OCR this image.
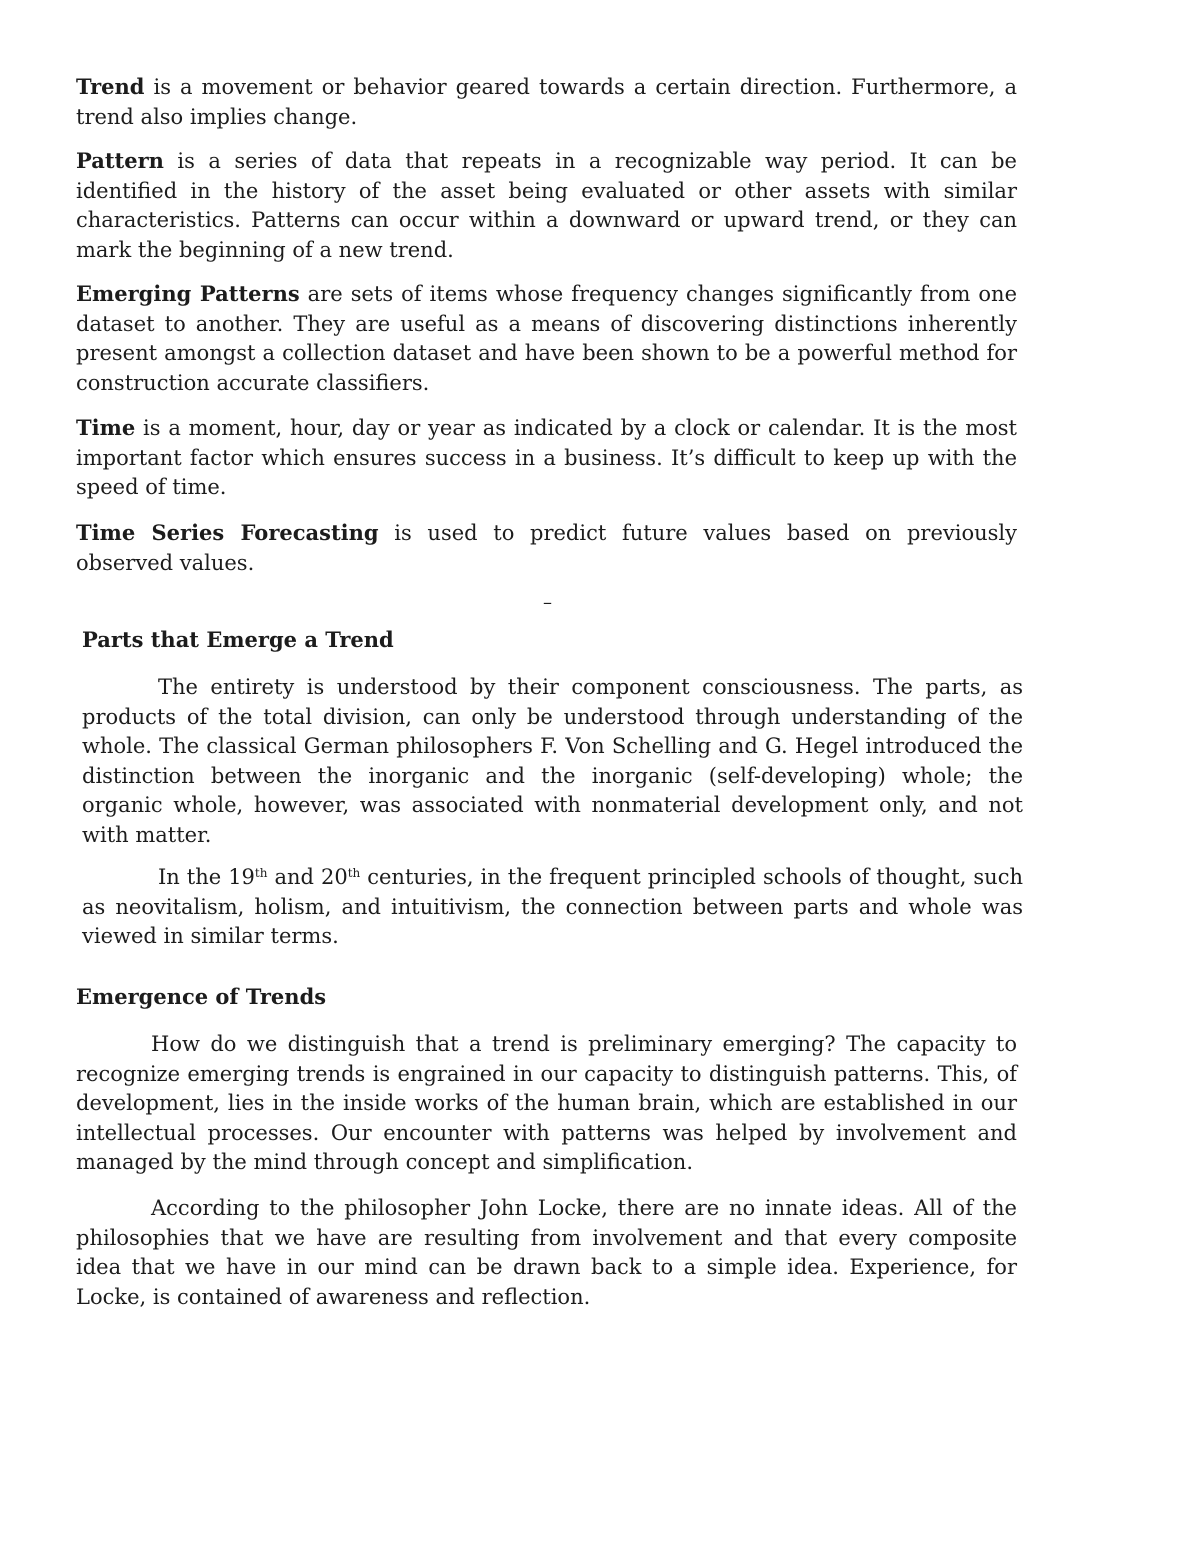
Trend is a movement or behavior geared towards a certain direction. Furthermore, a trend also implies change.

Pattern is a series of data that repeats in a recognizable way period. It can be identified in the history of the asset being evaluated or other assets with similar characteristics. Patterns can occur within a downward or upward trend, or they can mark the beginning of a new trend.

Emerging Patterns are sets of items whose frequency changes significantly from one dataset to another. They are useful as a means of discovering distinctions inherently present amongst a collection dataset and have been shown to be a powerful method for construction accurate classifiers.

Time is a moment, hour, day or year as indicated by a clock or calendar. It is the most important factor which ensures success in a business. It’s difficult to keep up with the speed of time.

Time Series Forecasting is used to predict future values based on previously observed values.

–
Parts that Emerge a Trend

The entirety is understood by their component consciousness. The parts, as products of the total division, can only be understood through understanding of the whole. The classical German philosophers F. Von Schelling and G. Hegel introduced the distinction between the inorganic and the inorganic (self-developing) whole; the organic whole, however, was associated with nonmaterial development only, and not with matter.

In the 19th and 20th centuries, in the frequent principled schools of thought, such as neovitalism, holism, and intuitivism, the connection between parts and whole was viewed in similar terms.

Emergence of Trends

How do we distinguish that a trend is preliminary emerging? The capacity to recognize emerging trends is engrained in our capacity to distinguish patterns. This, of development, lies in the inside works of the human brain, which are established in our intellectual processes. Our encounter with patterns was helped by involvement and managed by the mind through concept and simplification.

According to the philosopher John Locke, there are no innate ideas. All of the philosophies that we have are resulting from involvement and that every composite idea that we have in our mind can be drawn back to a simple idea. Experience, for Locke, is contained of awareness and reflection.
